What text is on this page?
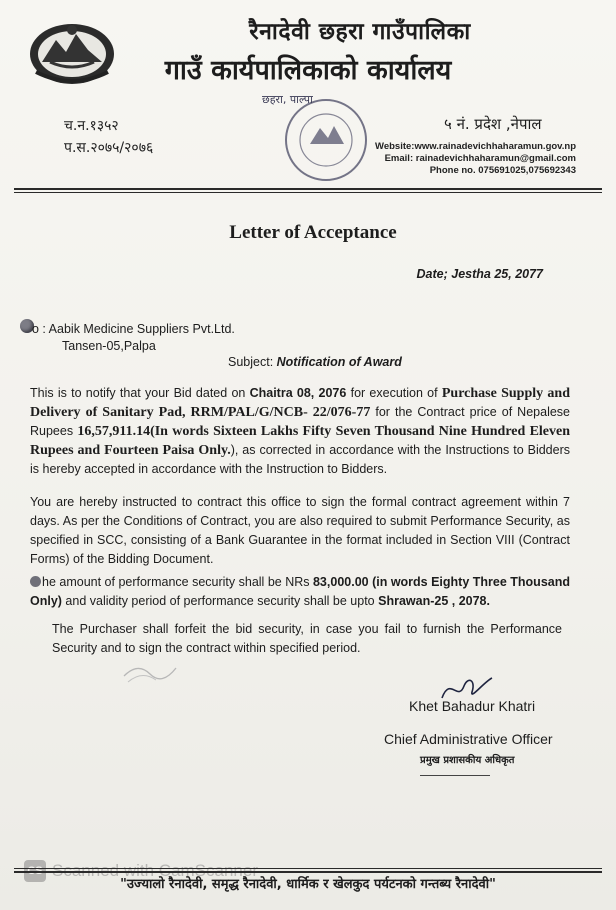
रैनादेवी छहरा गाउँपालिका
गाउँ कार्यपालिकाको कार्यालय
च.न.१३५२
प.स.२०७५/२०७६
छहरा, पाल्पा
५ नं. प्रदेश ,नेपाल
Website:www.rainadevichhaharamun.gov.np
Email: rainadevichhaharamun@gmail.com
Phone no. 075691025,075692343
Letter of Acceptance
Date; Jestha 25, 2077
o : Aabik Medicine Suppliers Pvt.Ltd.
Tansen-05,Palpa
Subject: Notification of Award
This is to notify that your Bid dated on Chaitra 08, 2076 for execution of Purchase Supply and Delivery of Sanitary Pad, RRM/PAL/G/NCB- 22/076-77 for the Contract price of Nepalese Rupees 16,57,911.14(In words Sixteen Lakhs Fifty Seven Thousand Nine Hundred Eleven Rupees and Fourteen Paisa Only.), as corrected in accordance with the Instructions to Bidders is hereby accepted in accordance with the Instruction to Bidders.
You are hereby instructed to contract this office to sign the formal contract agreement within 7 days. As per the Conditions of Contract, you are also required to submit Performance Security, as specified in SCC, consisting of a Bank Guarantee in the format included in Section VIII (Contract Forms) of the Bidding Document.
he amount of performance security shall be NRs 83,000.00 (in words Eighty Three Thousand Only) and validity period of performance security shall be upto Shrawan-25 , 2078.
The Purchaser shall forfeit the bid security, in case you fail to furnish the Performance Security and to sign the contract within specified period.
Khet Bahadur Khatri
Chief Administrative Officer
प्रमुख प्रशासकीय अधिकृत
"उज्यालो रैनादेवी, समृद्ध रैनादेवी, धार्मिक र खेलकुद पर्यटनको गन्तब्य रैनादेवी"
